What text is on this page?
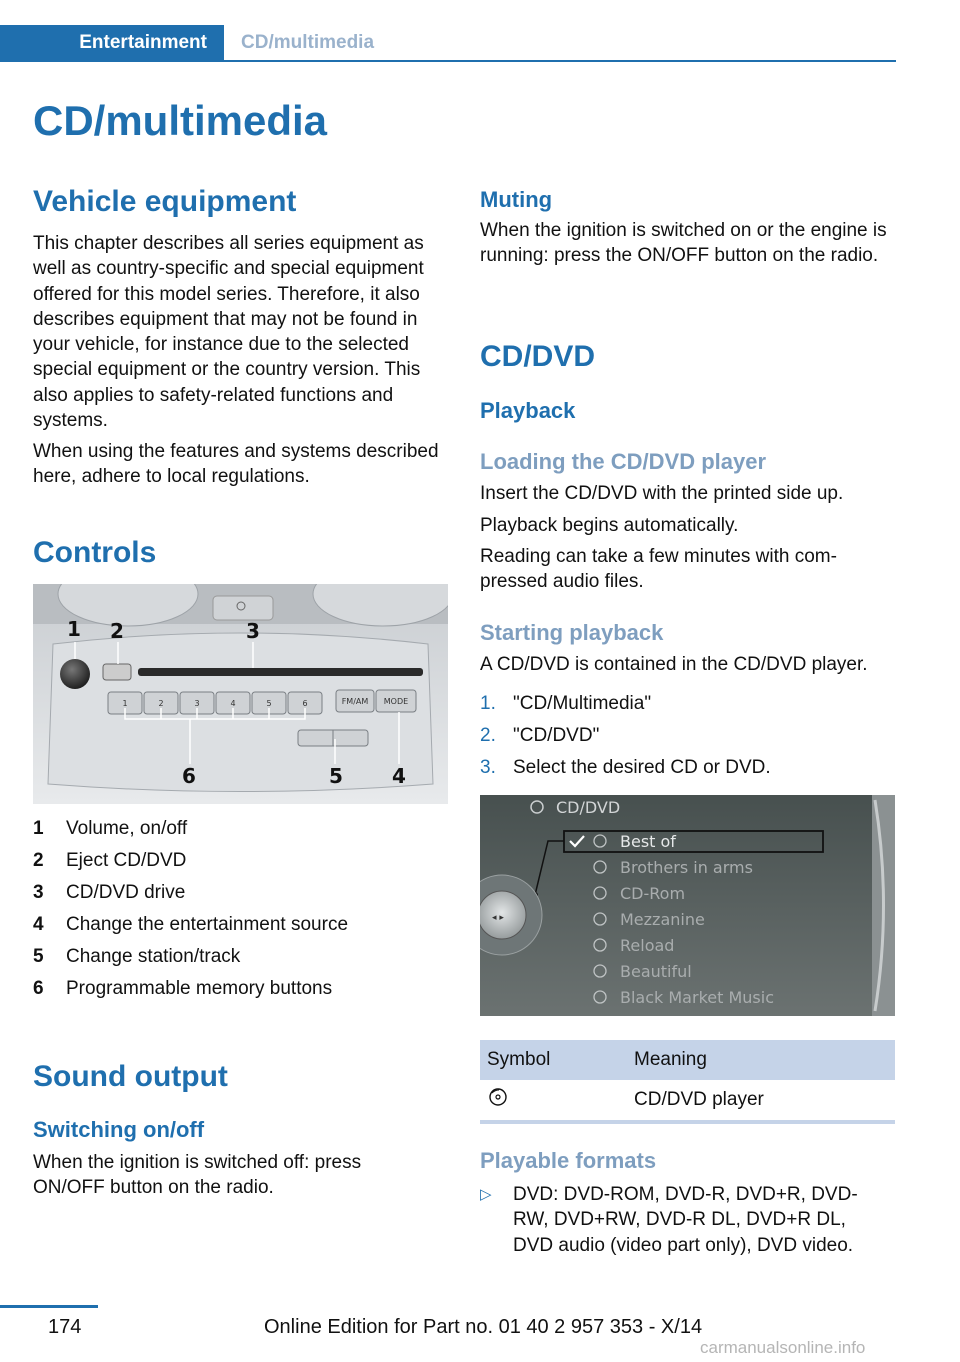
Entertainment	CD/multimedia
CD/multimedia
Vehicle equipment

This chapter describes all series equipment as well as country-specific and special equipment offered for this model series. Therefore, it also describes equipment that may not be found in your vehicle, for instance due to the selected special equipment or the country version. This also applies to safety-related functions and systems.

When using the features and systems described here, adhere to local regulations.

Controls
1	2	3	4	5	6	FM/AM MODE
1 2	3
6	5 4
1 Volume, on/off
2 Eject CD/DVD
3 CD/DVD drive
4 Change the entertainment source
5 Change station/track
6 Programmable memory buttons
Sound output
Switching on/off

When the ignition is switched off: press ON/OFF button on the radio.

Muting

When the ignition is switched on or the engine is running: press the ON/OFF button on the radio.

CD/DVD
Playback
Loading the CD/DVD player

Insert the CD/DVD with the printed side up.

Playback begins automatically.

Reading can take a few minutes with compressed audio files.

Starting playback

A CD/DVD is contained in the CD/DVD player.

1. "CD/Multimedia"
2. "CD/DVD"
3. Select the desired CD or DVD.
CD/DVD
◂ ▸
Best of
Brothers in arms
CD-Rom
Mezzanine
Reload
Beautiful
Black Market Music
Symbol	Meaning
	CD/DVD player
Playable formats
▷ DVD: DVD-ROM, DVD-R, DVD+R, DVD-RW, DVD+RW, DVD-R DL, DVD+R DL, DVD audio (video part only), DVD video.
174	Online Edition for Part no. 01 40 2 957 353 - X/14
carmanualsonline.info
